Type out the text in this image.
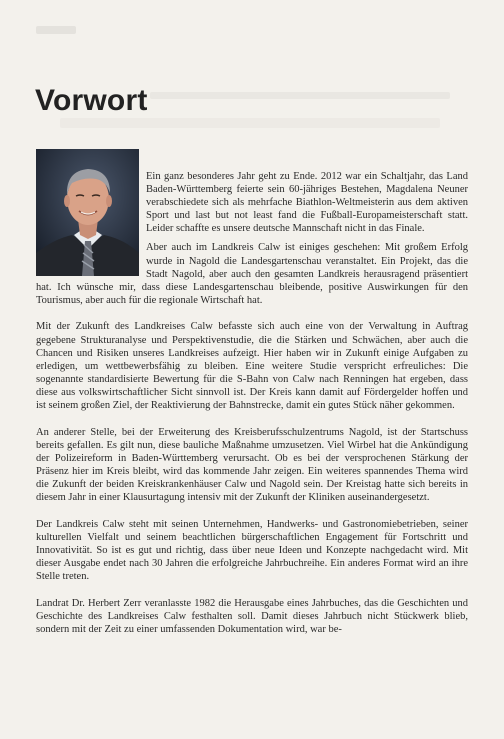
Vorwort

Ein ganz besonderes Jahr geht zu Ende. 2012 war ein Schaltjahr, das Land Baden-Württemberg feierte sein 60-jähriges Bestehen, Magdalena Neuner verabschiedete sich als mehrfache Biathlon-Weltmeisterin aus dem aktiven Sport und last but not least fand die Fußball-Europameisterschaft statt. Leider schaffte es unsere deutsche Mannschaft nicht in das Finale.

Aber auch im Landkreis Calw ist einiges geschehen: Mit großem Erfolg wurde in Nagold die Landesgartenschau veranstaltet. Ein Projekt, das die Stadt Nagold, aber auch den gesamten Landkreis herausragend präsentiert hat. Ich wünsche mir, dass diese Landesgartenschau bleibende, positive Auswirkungen für den Tourismus, aber auch für die regionale Wirtschaft hat.

Mit der Zukunft des Landkreises Calw befasste sich auch eine von der Verwaltung in Auftrag gegebene Strukturanalyse und Perspektivenstudie, die die Stärken und Schwächen, aber auch die Chancen und Risiken unseres Landkreises aufzeigt. Hier haben wir in Zukunft einige Aufgaben zu erledigen, um wettbewerbsfähig zu bleiben. Eine weitere Studie verspricht erfreuliches: Die sogenannte standardisierte Bewertung für die S-Bahn von Calw nach Renningen hat ergeben, dass diese aus volkswirtschaftlicher Sicht sinnvoll ist. Der Kreis kann damit auf Fördergelder hoffen und ist seinem großen Ziel, der Reaktivierung der Bahnstrecke, damit ein gutes Stück näher gekommen.

An anderer Stelle, bei der Erweiterung des Kreisberufsschulzentrums Nagold, ist der Startschuss bereits gefallen. Es gilt nun, diese bauliche Maßnahme umzusetzen. Viel Wirbel hat die Ankündigung der Polizeireform in Baden-Württemberg verursacht. Ob es bei der versprochenen Stärkung der Präsenz hier im Kreis bleibt, wird das kommende Jahr zeigen. Ein weiteres spannendes Thema wird die Zukunft der beiden Kreiskrankenhäuser Calw und Nagold sein. Der Kreistag hatte sich bereits in diesem Jahr in einer Klausurtagung intensiv mit der Zukunft der Kliniken auseinandergesetzt.

Der Landkreis Calw steht mit seinen Unternehmen, Handwerks- und Gastronomiebetrieben, seiner kulturellen Vielfalt und seinem beachtlichen bürgerschaftlichen Engagement für Fortschritt und Innovativität. So ist es gut und richtig, dass über neue Ideen und Konzepte nachgedacht wird. Mit dieser Ausgabe endet nach 30 Jahren die erfolgreiche Jahrbuchreihe. Ein anderes Format wird an ihre Stelle treten.

Landrat Dr. Herbert Zerr veranlasste 1982 die Herausgabe eines Jahrbuches, das die Geschichten und Geschichte des Landkreises Calw festhalten soll. Damit dieses Jahrbuch nicht Stückwerk blieb, sondern mit der Zeit zu einer umfassenden Dokumentation wird, war be-
